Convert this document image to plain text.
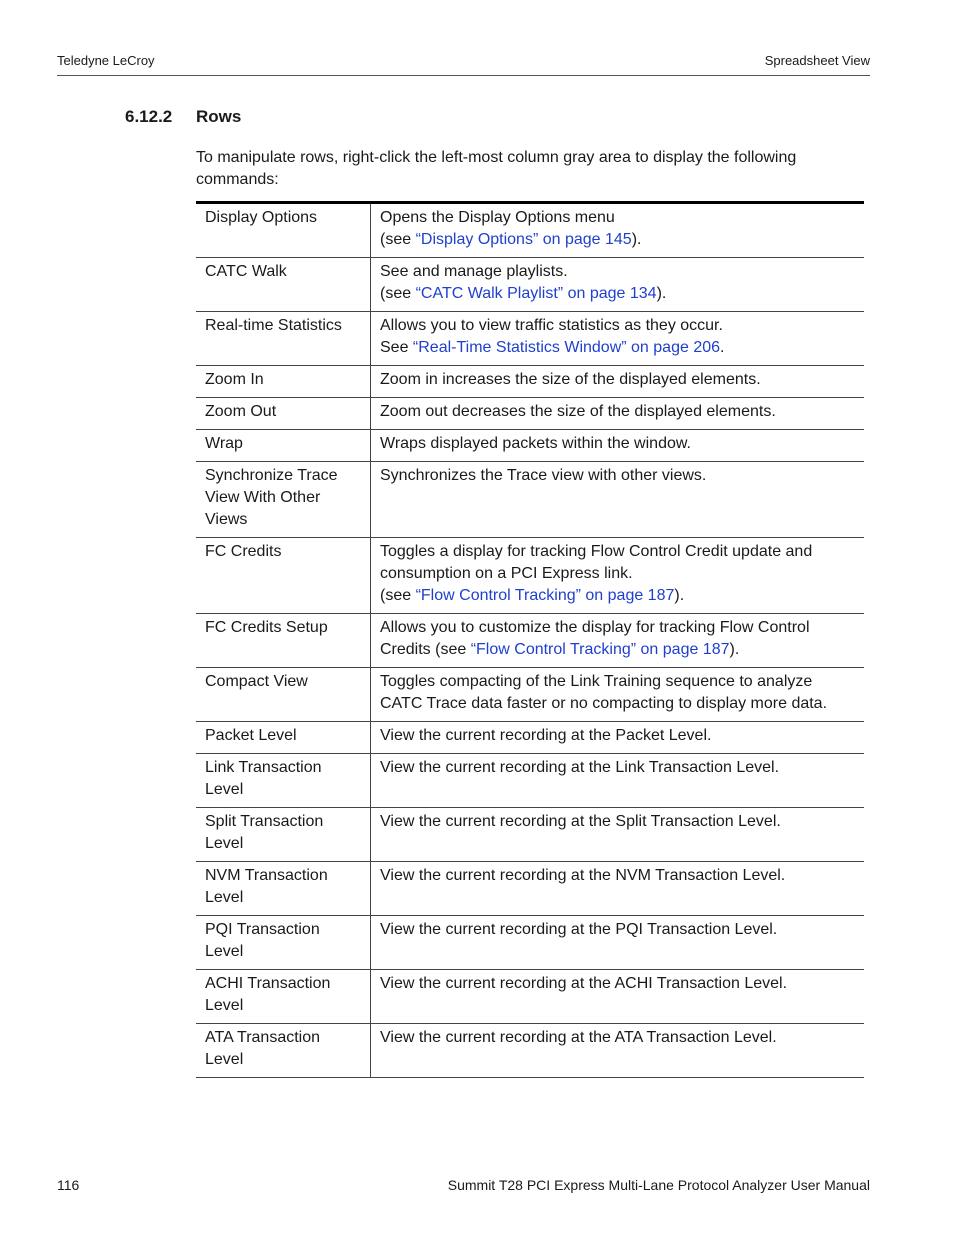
Teledyne LeCroy	Spreadsheet View
6.12.2 Rows

To manipulate rows, right-click the left-most column gray area to display the following commands:

Display Options	Opens the Display Options menu
(see “Display Options” on page 145).

CATC Walk	See and manage playlists.
(see “CATC Walk Playlist” on page 134).

Real-time Statistics	Allows you to view traffic statistics as they occur.
See “Real-Time Statistics Window” on page 206.

Zoom In	Zoom in increases the size of the displayed elements.

Zoom Out	Zoom out decreases the size of the displayed elements.

Wrap	Wraps displayed packets within the window.

Synchronize Trace View With Other Views	Synchronizes the Trace view with other views.

FC Credits	Toggles a display for tracking Flow Control Credit update and consumption on a PCI Express link.
(see “Flow Control Tracking” on page 187).

FC Credits Setup	Allows you to customize the display for tracking Flow Control Credits (see “Flow Control Tracking” on page 187).

Compact View	Toggles compacting of the Link Training sequence to analyze CATC Trace data faster or no compacting to display more data.

Packet Level	View the current recording at the Packet Level.

Link Transaction Level	View the current recording at the Link Transaction Level.

Split Transaction Level	View the current recording at the Split Transaction Level.

NVM Transaction Level	View the current recording at the NVM Transaction Level.

PQI Transaction Level	View the current recording at the PQI Transaction Level.

ACHI Transaction Level	View the current recording at the ACHI Transaction Level.

ATA Transaction Level	View the current recording at the ATA Transaction Level.
116	Summit T28 PCI Express Multi-Lane Protocol Analyzer User Manual
